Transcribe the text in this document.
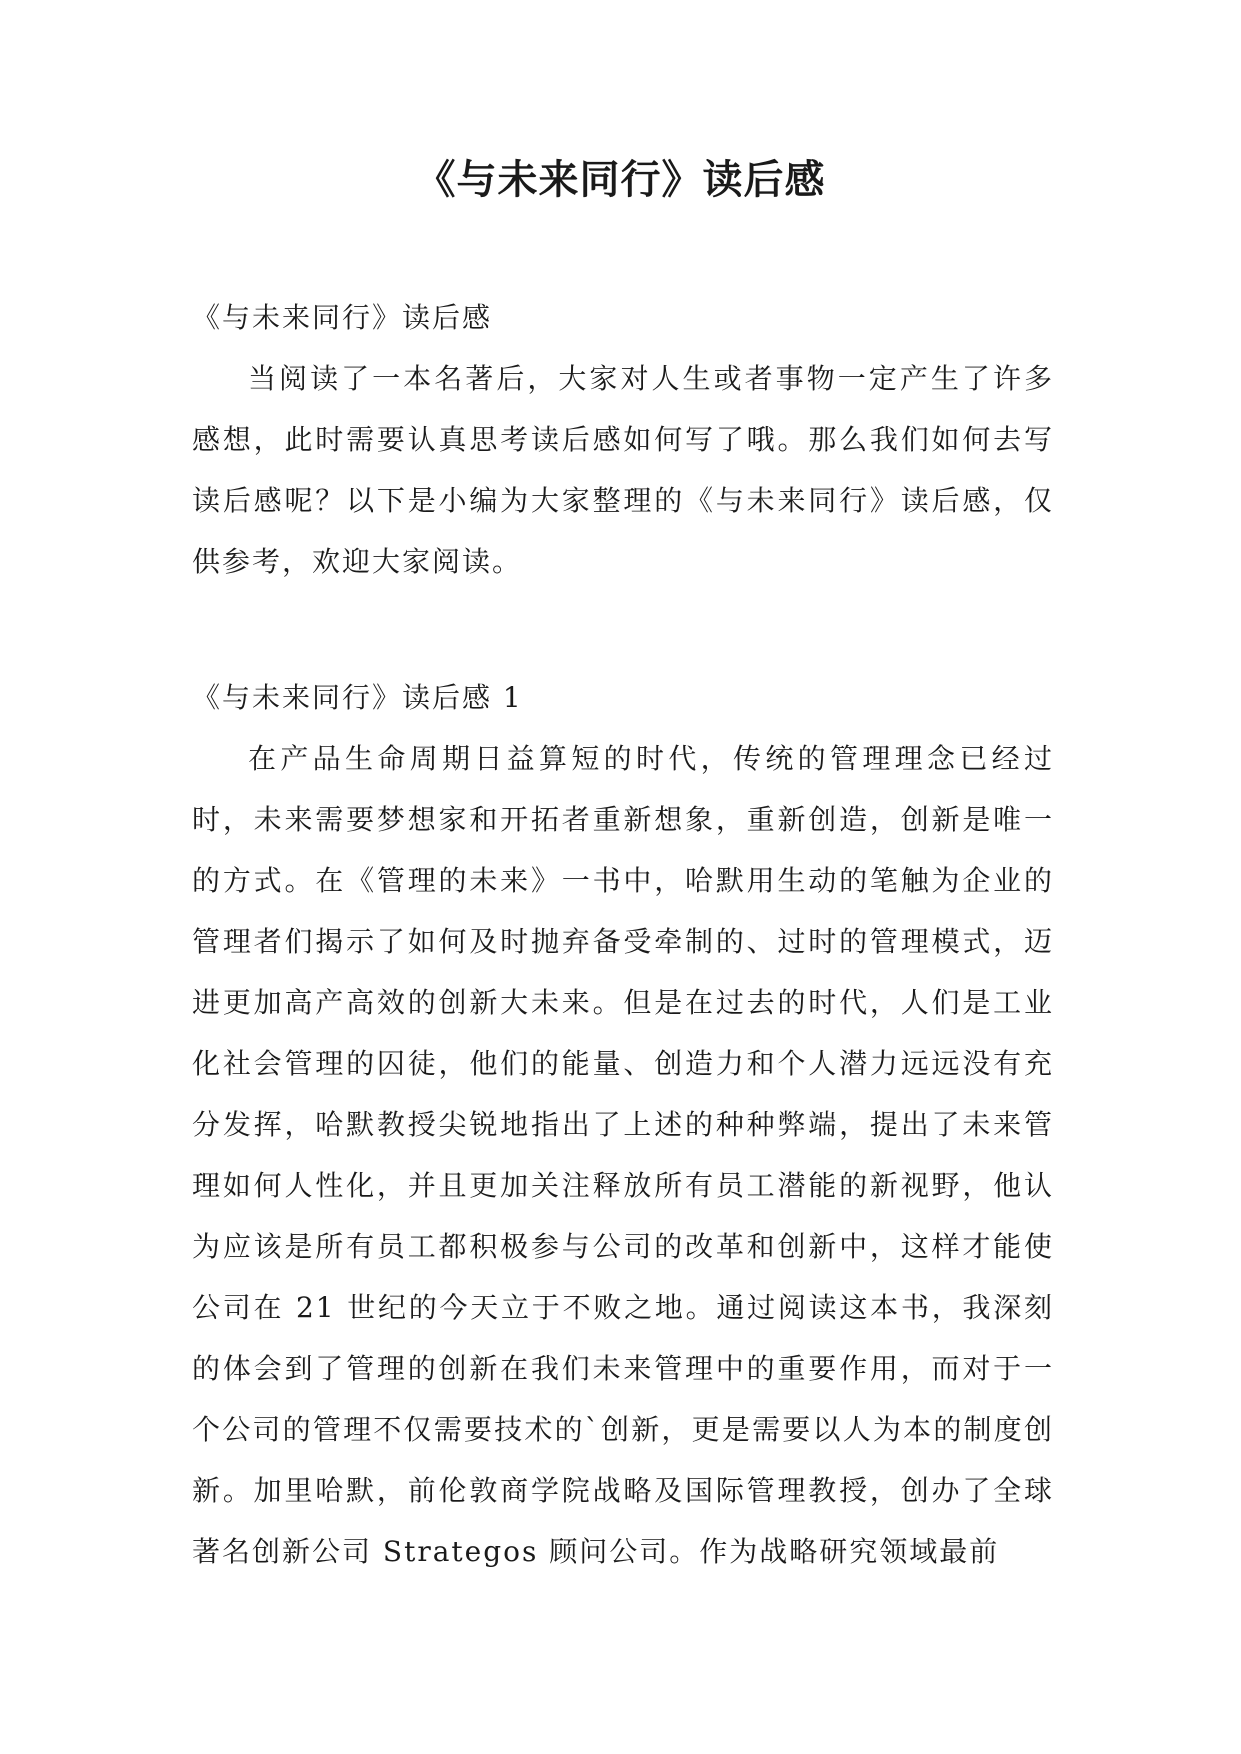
《与未来同行》读后感

《与未来同行》读后感

当阅读了一本名著后，大家对人生或者事物一定产生了许多感想，此时需要认真思考读后感如何写了哦。那么我们如何去写读后感呢？以下是小编为大家整理的《与未来同行》读后感，仅供参考，欢迎大家阅读。

《与未来同行》读后感 1

在产品生命周期日益算短的时代，传统的管理理念已经过时，未来需要梦想家和开拓者重新想象，重新创造，创新是唯一的方式。在《管理的未来》一书中，哈默用生动的笔触为企业的管理者们揭示了如何及时抛弃备受牵制的、过时的管理模式，迈进更加高产高效的创新大未来。但是在过去的时代，人们是工业化社会管理的囚徒，他们的能量、创造力和个人潜力远远没有充分发挥，哈默教授尖锐地指出了上述的种种弊端，提出了未来管理如何人性化，并且更加关注释放所有员工潜能的新视野，他认为应该是所有员工都积极参与公司的改革和创新中，这样才能使公司在 21 世纪的今天立于不败之地。通过阅读这本书，我深刻的体会到了管理的创新在我们未来管理中的重要作用，而对于一个公司的管理不仅需要技术的`创新，更是需要以人为本的制度创新。加里哈默，前伦敦商学院战略及国际管理教授，创办了全球著名创新公司 Strategos 顾问公司。作为战略研究领域最前
